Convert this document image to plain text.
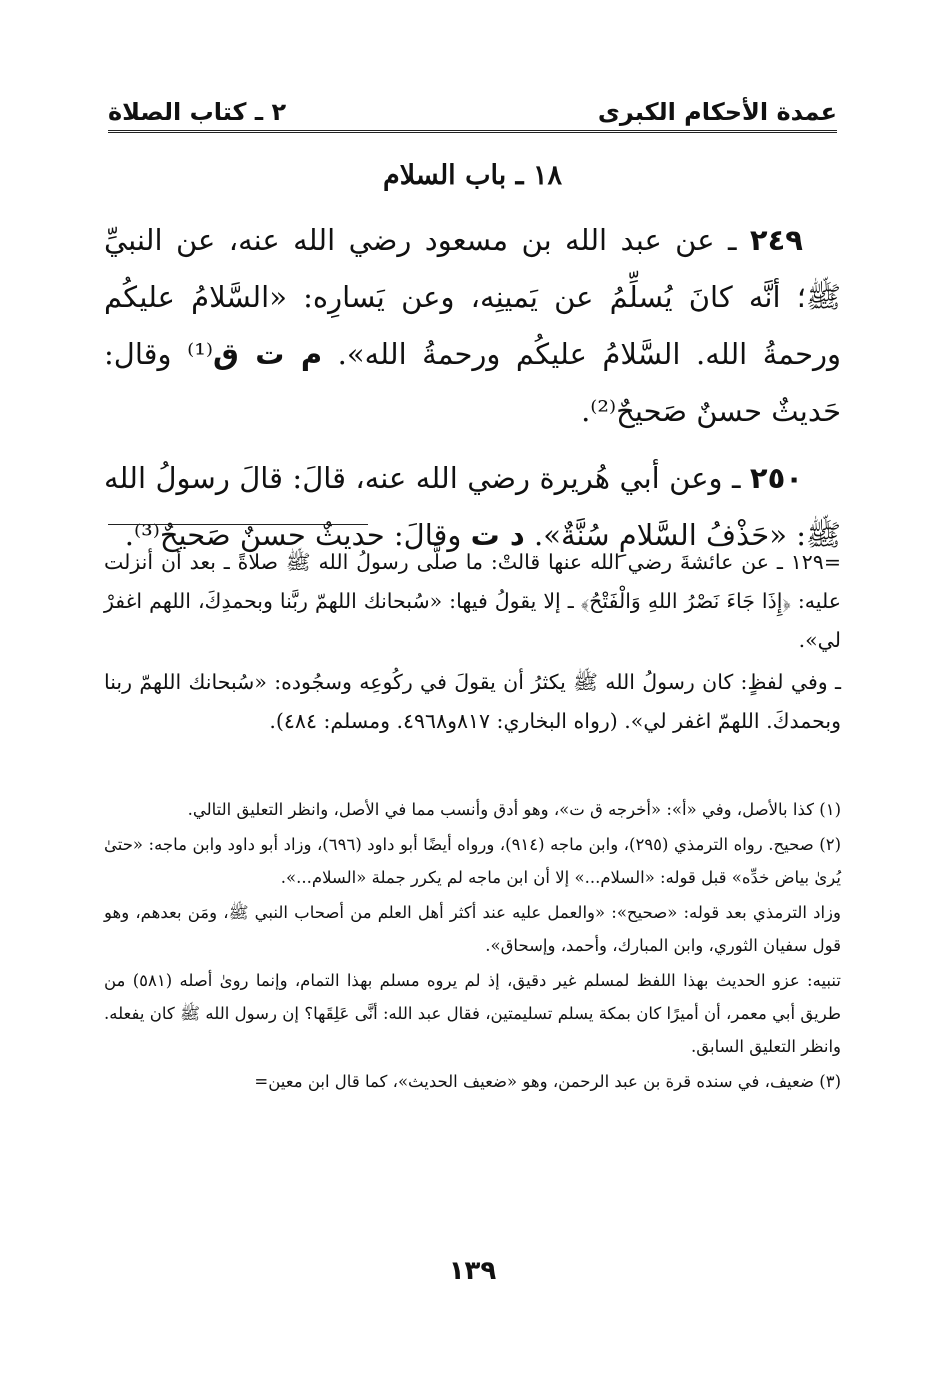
عمدة الأحكام الكبرى
٢ ـ كتاب الصلاة
١٨ ـ باب السلام

٢٤٩ ـ عن عبد الله بن مسعود رضي الله عنه، عن النبيِّ ﷺ؛ أنَّه كانَ يُسلِّمُ عن يَمينِه، وعن يَسارِه: «السَّلامُ عليكُم ورحمةُ الله. السَّلامُ عليكُم ورحمةُ الله». م ت ق⁽¹⁾ وقال: حَديثٌ حسنٌ صَحيحٌ⁽²⁾.

٢٥٠ ـ وعن أبي هُريرة رضي الله عنه، قالَ: قالَ رسولُ الله ﷺ: «حَذْفُ السَّلامِ سُنَّةٌ». د ت وقالَ: حديثٌ حسنٌ صَحيحٌ⁽³⁾.

=١٢٩ ـ عن عائشةَ رضي الله عنها قالتْ: ما صلَّى رسولُ الله ﷺ صلاةً ـ بعد أن أنزلت عليه: ﴿إِذَا جَاءَ نَصْرُ اللهِ وَالْفَتْحُ﴾ ـ إلا يقولُ فيها: «سُبحانك اللهمّ ربَّنا وبحمدِكَ، اللهم اغفرْ لي».

ـ وفي لفظٍ: كان رسولُ الله ﷺ يكثرُ أن يقولَ في ركُوعِه وسجُوده: «سُبحانك اللهمّ ربنا وبحمدكَ. اللهمّ اغفر لي». (رواه البخاري: ٨١٧و٤٩٦٨. ومسلم: ٤٨٤).

(١) كذا بالأصل، وفي «أ»: «أخرجه ق ت»، وهو أدق وأنسب مما في الأصل، وانظر التعليق التالي.

(٢) صحيح. رواه الترمذي (٢٩٥)، وابن ماجه (٩١٤)، ورواه أيضًا أبو داود (٦٩٦)، وزاد أبو داود وابن ماجه: «حتىٰ يُرىٰ بياض خدِّه» قبل قوله: «السلام...» إلا أن ابن ماجه لم يكرر جملة «السلام...».

وزاد الترمذي بعد قوله: «صحيح»: «والعمل عليه عند أكثر أهل العلم من أصحاب النبي ﷺ، ومَن بعدهم، وهو قول سفيان الثوري، وابن المبارك، وأحمد، وإسحاق».

تنبيه: عزو الحديث بهذا اللفظ لمسلم غير دقيق، إذ لم يروه مسلم بهذا التمام، وإنما روىٰ أصله (٥٨١) من طريق أبي معمر، أن أميرًا كان بمكة يسلم تسليمتين، فقال عبد الله: أنَّى عَلِقَها؟ إن رسول الله ﷺ كان يفعله. وانظر التعليق السابق.

(٣) ضعيف، في سنده قرة بن عبد الرحمن، وهو «ضعيف الحديث»، كما قال ابن معين=

١٣٩
